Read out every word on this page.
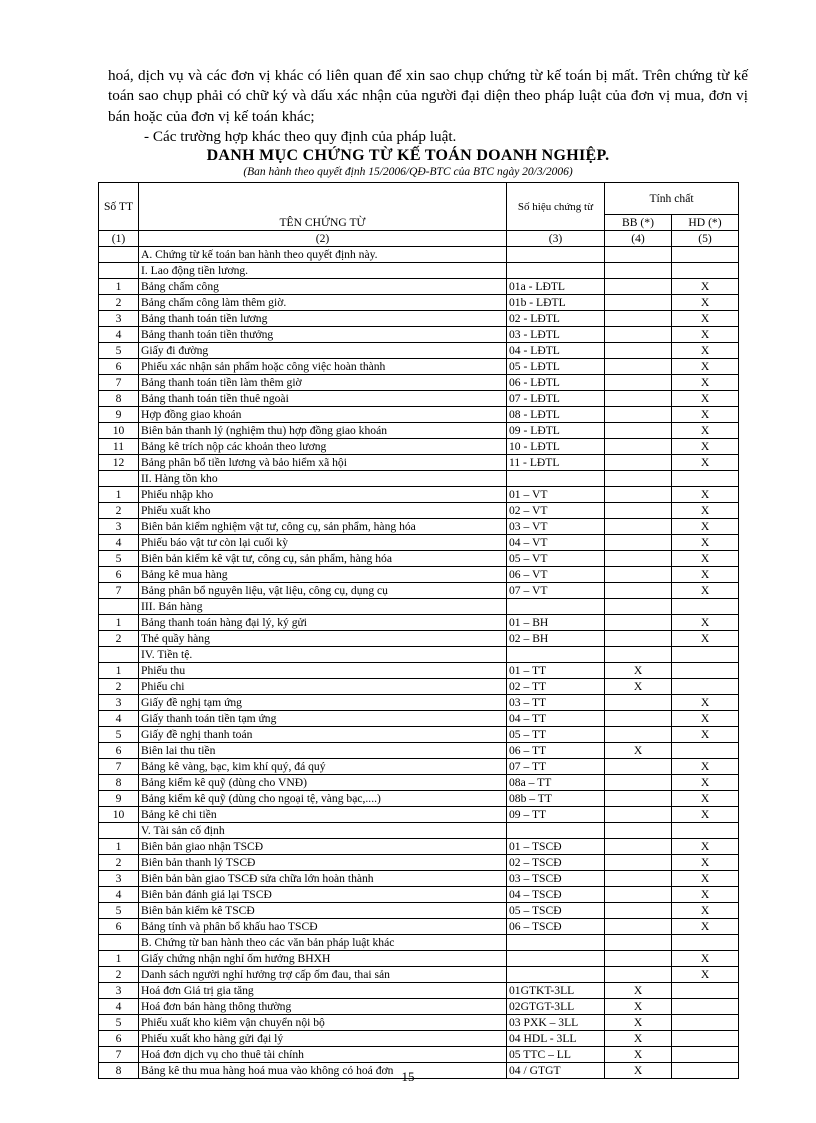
hoá, dịch vụ và các đơn vị khác có liên quan để xin sao chụp chứng từ kế toán bị mất. Trên chứng từ kế toán sao chụp phải có chữ ký và dấu xác nhận của người đại diện theo pháp luật của đơn vị mua, đơn vị bán hoặc của đơn vị kế toán khác;

- Các trường hợp khác theo quy định của pháp luật.

DANH MỤC CHỨNG TỪ KẾ TOÁN DOANH NGHIỆP.
(Ban hành theo quyết định 15/2006/QĐ-BTC của BTC ngày 20/3/2006)
Số TT	TÊN CHỨNG TỪ	Số hiệu chứng từ	Tính chất	
			BB (*)	HD (*)
(1)	(2)	(3)	(4)	(5)
	A. Chứng từ kế toán ban hành theo quyết định này.			
	I. Lao động tiền lương.			
1	Bảng chấm công	01a - LĐTL		X
2	Bảng chấm công làm thêm giờ.	01b - LĐTL		X
3	Bảng thanh toán tiền lương	02 - LĐTL		X
4	Bảng thanh toán tiền thưởng	03 - LĐTL		X
5	Giấy đi đường	04 - LĐTL		X
6	Phiếu xác nhận sản phẩm hoặc công việc hoàn thành	05 - LĐTL		X
7	Bảng thanh toán tiền làm thêm giờ	06 - LĐTL		X
8	Bảng thanh toán tiền thuê ngoài	07 - LĐTL		X
9	Hợp đồng giao khoán	08 - LĐTL		X
10	Biên bản thanh lý (nghiệm thu) hợp đồng giao khoán	09 - LĐTL		X
11	Bảng kê trích nộp các khoản theo lương	10 - LĐTL		X
12	Bảng phân bổ tiền lương và bảo hiểm xã hội	11 - LĐTL		X
	II. Hàng tồn kho			
1	Phiếu nhập kho	01 – VT		X
2	Phiếu xuất kho	02 – VT		X
3	Biên bản kiểm nghiệm vật tư, công cụ, sản phẩm, hàng hóa	03 – VT		X
4	Phiếu báo vật tư còn lại cuối kỳ	04 – VT		X
5	Biên bản kiểm kê vật tư, công cụ, sản phẩm, hàng hóa	05 – VT		X
6	Bảng kê mua hàng	06 – VT		X
7	Bảng phân bổ nguyên liệu, vật liệu, công cụ, dụng cụ	07 – VT		X
	III. Bán hàng			
1	Bảng thanh toán hàng đại lý, ký gửi	01 – BH		X
2	Thẻ quầy hàng	02 – BH		X
	IV. Tiền tệ.			
1	Phiếu thu	01 – TT	X	
2	Phiếu chi	02 – TT	X	
3	Giấy đề nghị tạm ứng	03 – TT		X
4	Giấy thanh toán tiền tạm ứng	04 – TT		X
5	Giấy đề nghị thanh toán	05 – TT		X
6	Biên lai thu tiền	06 – TT	X	
7	Bảng kê vàng, bạc, kim khí quý, đá quý	07 – TT		X
8	Bảng kiểm kê quỹ (dùng cho VNĐ)	08a – TT		X
9	Bảng kiểm kê quỹ (dùng cho ngoại tệ, vàng bạc,....)	08b – TT		X
10	Bảng kê chi tiền	09 – TT		X
	V. Tài sản cố định			
1	Biên bản giao nhận TSCĐ	01 – TSCĐ		X
2	Biên bản thanh lý TSCĐ	02 – TSCĐ		X
3	Biên bản bàn giao TSCĐ sửa chữa lớn hoàn thành	03 – TSCĐ		X
4	Biên bản đánh giá lại TSCĐ	04 – TSCĐ		X
5	Biên bản kiểm kê TSCĐ	05 – TSCĐ		X
6	Bảng tính và phân bổ khấu hao TSCĐ	06 – TSCĐ		X
	B. Chứng từ ban hành theo các văn bản pháp luật khác			
1	Giấy chứng nhận nghỉ ốm hưởng BHXH			X
2	Danh sách người nghỉ hưởng trợ cấp ốm đau, thai sản			X
3	Hoá đơn Giá trị gia tăng	01GTKT-3LL	X	
4	Hoá đơn bán hàng thông thường	02GTGT-3LL	X	
5	Phiếu xuất kho kiêm vận chuyển nội bộ	03 PXK – 3LL	X	
6	Phiếu xuất kho hàng gửi đại lý	04 HDL - 3LL	X	
7	Hoá đơn dịch vụ cho thuê tài chính	05 TTC – LL	X	
8	Bảng kê thu mua hàng hoá mua vào không có hoá đơn	04 / GTGT	X	
15
